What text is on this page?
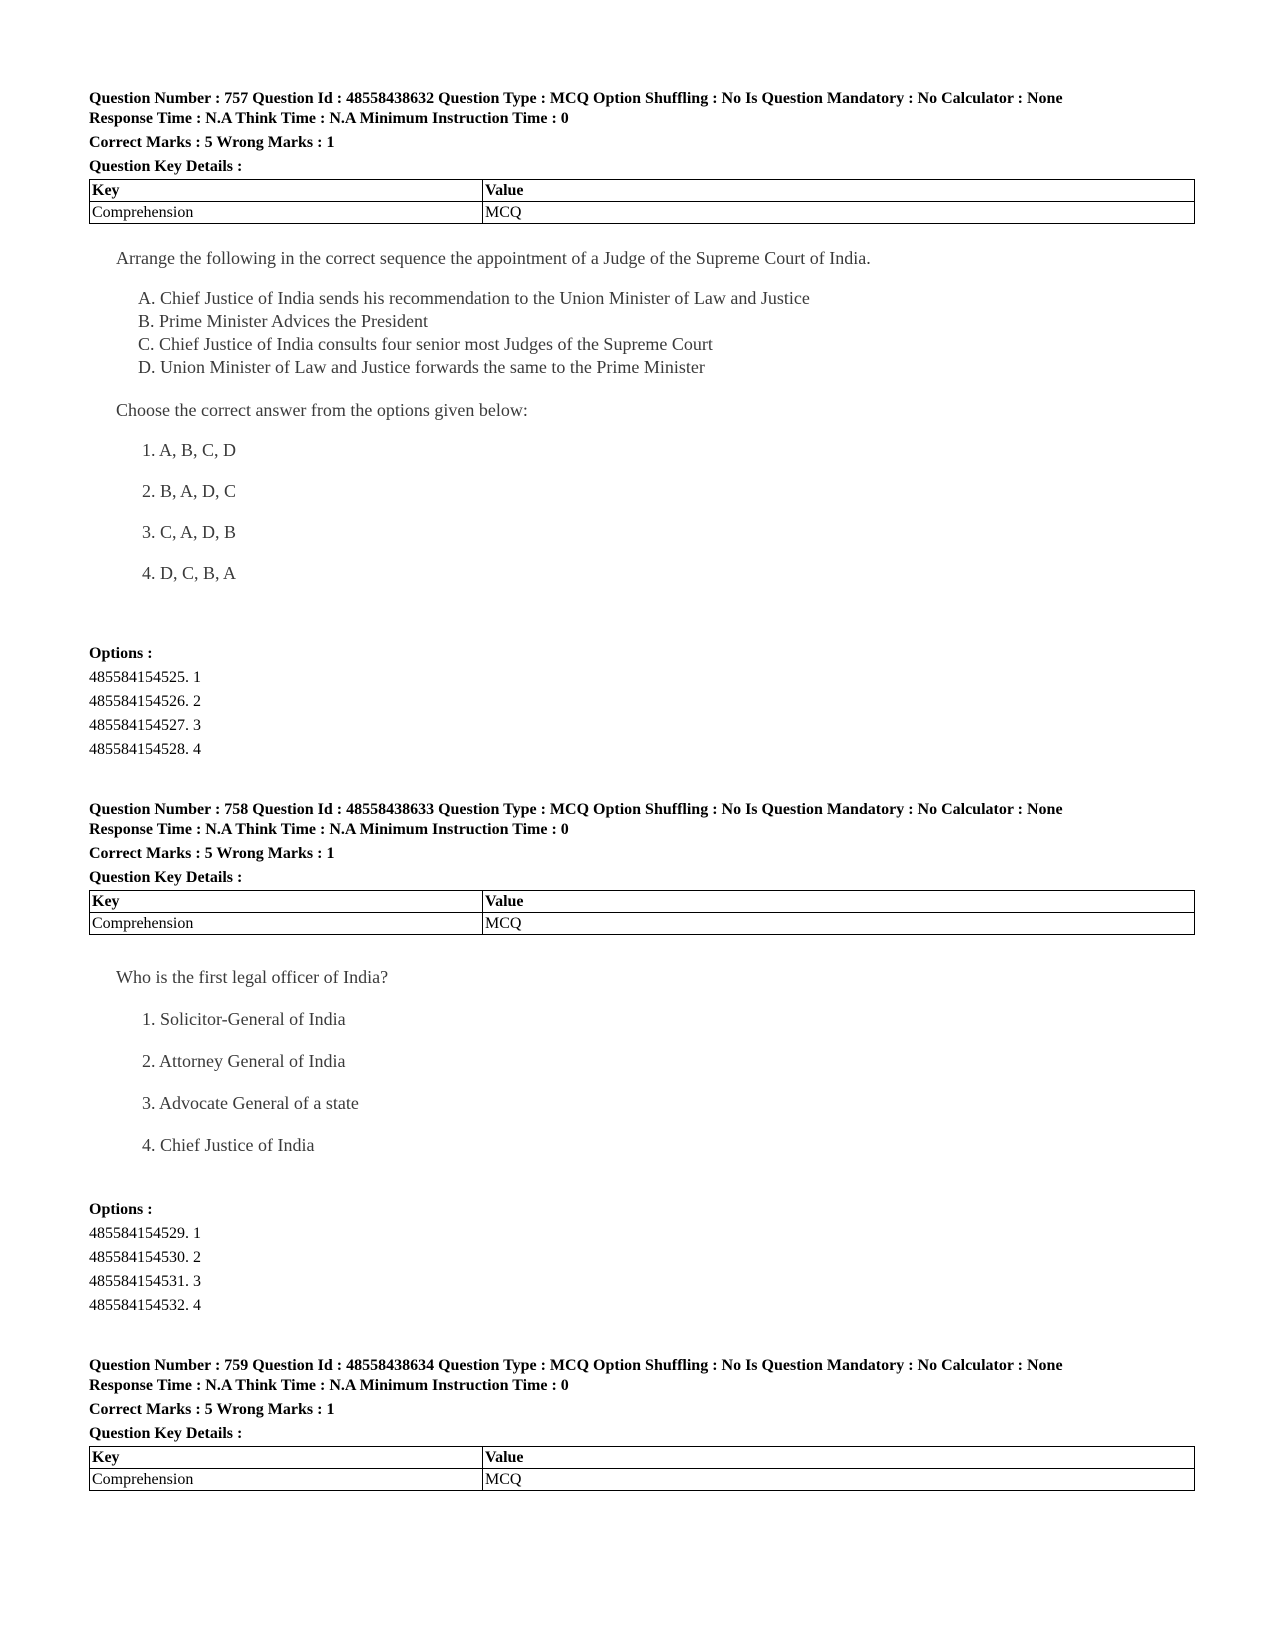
Question Number : 757 Question Id : 48558438632 Question Type : MCQ Option Shuffling : No Is Question Mandatory : No Calculator : None
Response Time : N.A Think Time : N.A Minimum Instruction Time : 0
Correct Marks : 5 Wrong Marks : 1
Question Key Details :
Key	Value
Comprehension	MCQ
Arrange the following in the correct sequence the appointment of a Judge of the Supreme Court of India.
A. Chief Justice of India sends his recommendation to the Union Minister of Law and Justice
B. Prime Minister Advices the President
C. Chief Justice of India consults four senior most Judges of the Supreme Court
D. Union Minister of Law and Justice forwards the same to the Prime Minister
Choose the correct answer from the options given below:
1. A, B, C, D
2. B, A, D, C
3. C, A, D, B
4. D, C, B, A
Options :
485584154525. 1
485584154526. 2
485584154527. 3
485584154528. 4
Question Number : 758 Question Id : 48558438633 Question Type : MCQ Option Shuffling : No Is Question Mandatory : No Calculator : None
Response Time : N.A Think Time : N.A Minimum Instruction Time : 0
Correct Marks : 5 Wrong Marks : 1
Question Key Details :
Key	Value
Comprehension	MCQ
Who is the first legal officer of India?
1. Solicitor-General of India
2. Attorney General of India
3. Advocate General of a state
4. Chief Justice of India
Options :
485584154529. 1
485584154530. 2
485584154531. 3
485584154532. 4
Question Number : 759 Question Id : 48558438634 Question Type : MCQ Option Shuffling : No Is Question Mandatory : No Calculator : None
Response Time : N.A Think Time : N.A Minimum Instruction Time : 0
Correct Marks : 5 Wrong Marks : 1
Question Key Details :
Key	Value
Comprehension	MCQ
